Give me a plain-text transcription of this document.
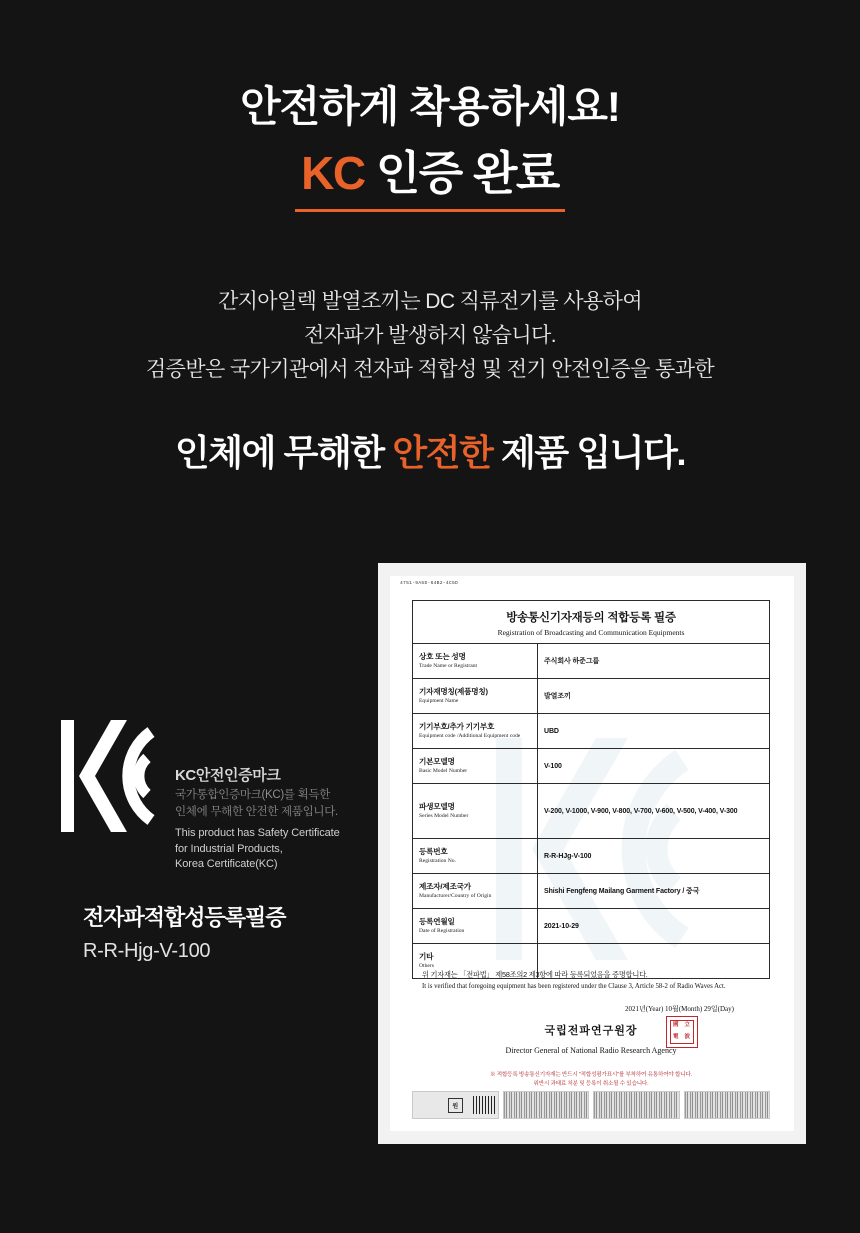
안전하게 착용하세요!
KC 인증 완료
간지아일렉 발열조끼는 DC 직류전기를 사용하여
전자파가 발생하지 않습니다.
검증받은 국가기관에서 전자파 적합성 및 전기 안전인증을 통과한
인체에 무해한 안전한 제품 입니다.
KC안전인증마크
국가통합인증마크(KC)를 획득한
인체에 무해한 안전한 제품입니다.
This product has Safety Certificate
for Industrial Products,
Korea Certificate(KC)
전자파적합성등록필증
R-R-Hjg-V-100
4751-9A5D-64B2-4C5D
방송통신기자재등의 적합등록 필증
Registration of Broadcasting and Communication Equipments
상호 또는 성명
Trade Name or Registrant	주식회사 하준그룹

기자재명칭(제품명칭)
Equipment Name	발열조끼

기기부호/추가 기기부호
Equipment code /Additional Equipment code	UBD

기본모델명
Basic Model Number	V-100

파생모델명
Series Model Number	V-200, V-1000, V-900, V-800, V-700, V-600, V-500, V-400, V-300

등록번호
Registration No.	R-R-HJg-V-100

제조자/제조국가
Manufacturer/Country of Origin	Shishi Fengfeng Mailang Garment Factory / 중국

등록연월일
Date of Registration	2021-10-29

기타
Others	

위 기자재는 「전파법」 제58조의2 제3항에 따라 등록되었음을 증명합니다.
It is verified that foregoing equipment has been registered under the Clause 3, Article 58-2 of Radio Waves Act.
2021년(Year) 10월(Month) 29일(Day)
국립전파연구원장	國 立
電 波
Director General of National Radio Research Agency
※ 적합등록 방송통신기자재는 반드시 "적합성평가표시"를 부착하여 유통하여야 합니다.
위반시 과태료 처분 및 등록이 취소될 수 있습니다.
원
